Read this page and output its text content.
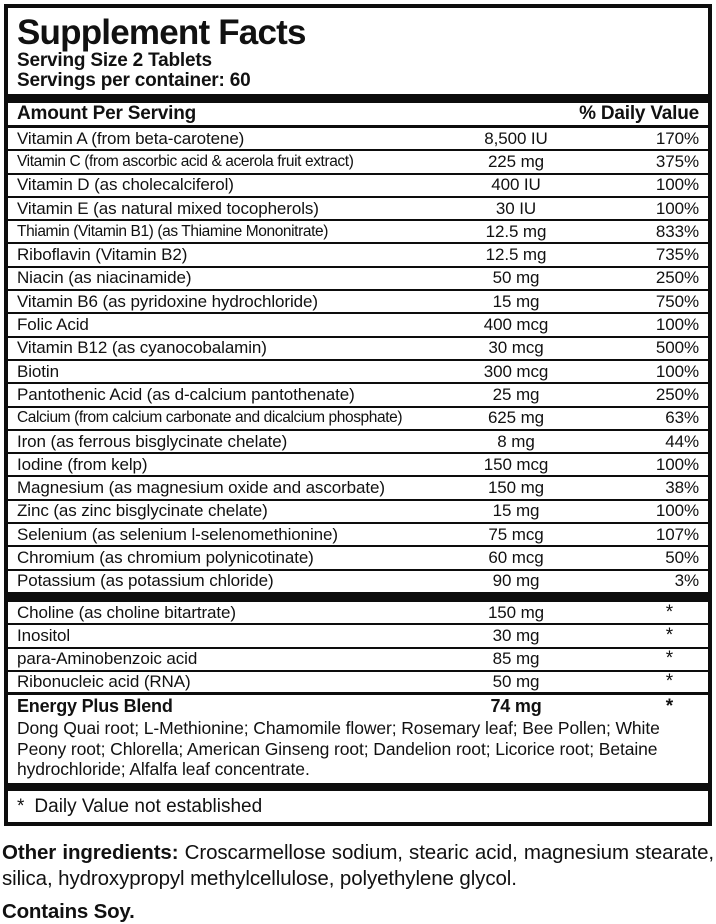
Supplement Facts
Serving Size 2 Tablets
Servings per container: 60
Amount Per Serving	% Daily Value
Vitamin A (from beta-carotene)	8,500 IU	170%
Vitamin C (from ascorbic acid & acerola fruit extract)	225 mg	375%
Vitamin D (as cholecalciferol)	400 IU	100%
Vitamin E (as natural mixed tocopherols)	30 IU	100%
Thiamin (Vitamin B1) (as Thiamine Mononitrate)	12.5 mg	833%
Riboflavin (Vitamin B2)	12.5 mg	735%
Niacin (as niacinamide)	50 mg	250%
Vitamin B6 (as pyridoxine hydrochloride)	15 mg	750%
Folic Acid	400 mcg	100%
Vitamin B12 (as cyanocobalamin)	30 mcg	500%
Biotin	300 mcg	100%
Pantothenic Acid (as d-calcium pantothenate)	25 mg	250%
Calcium (from calcium carbonate and dicalcium phosphate)	625 mg	63%
Iron (as ferrous bisglycinate chelate)	8 mg	44%
Iodine (from kelp)	150 mcg	100%
Magnesium (as magnesium oxide and ascorbate)	150 mg	38%
Zinc (as zinc bisglycinate chelate)	15 mg	100%
Selenium (as selenium l-selenomethionine)	75 mcg	107%
Chromium (as chromium polynicotinate)	60 mcg	50%
Potassium (as potassium chloride)	90 mg	3%
Choline (as choline bitartrate)	150 mg	*
Inositol	30 mg	*
para-Aminobenzoic acid	85 mg	*
Ribonucleic acid (RNA)	50 mg	*
Energy Plus Blend	74 mg	*
Dong Quai root; L-Methionine; Chamomile flower; Rosemary leaf; Bee Pollen; White Peony root; Chlorella; American Ginseng root; Dandelion root; Licorice root; Betaine hydrochloride; Alfalfa leaf concentrate.
* Daily Value not established
Other ingredients: Croscarmellose sodium, stearic acid, magnesium stearate, silica, hydroxypropyl methylcellulose, polyethylene glycol.
Contains Soy.
